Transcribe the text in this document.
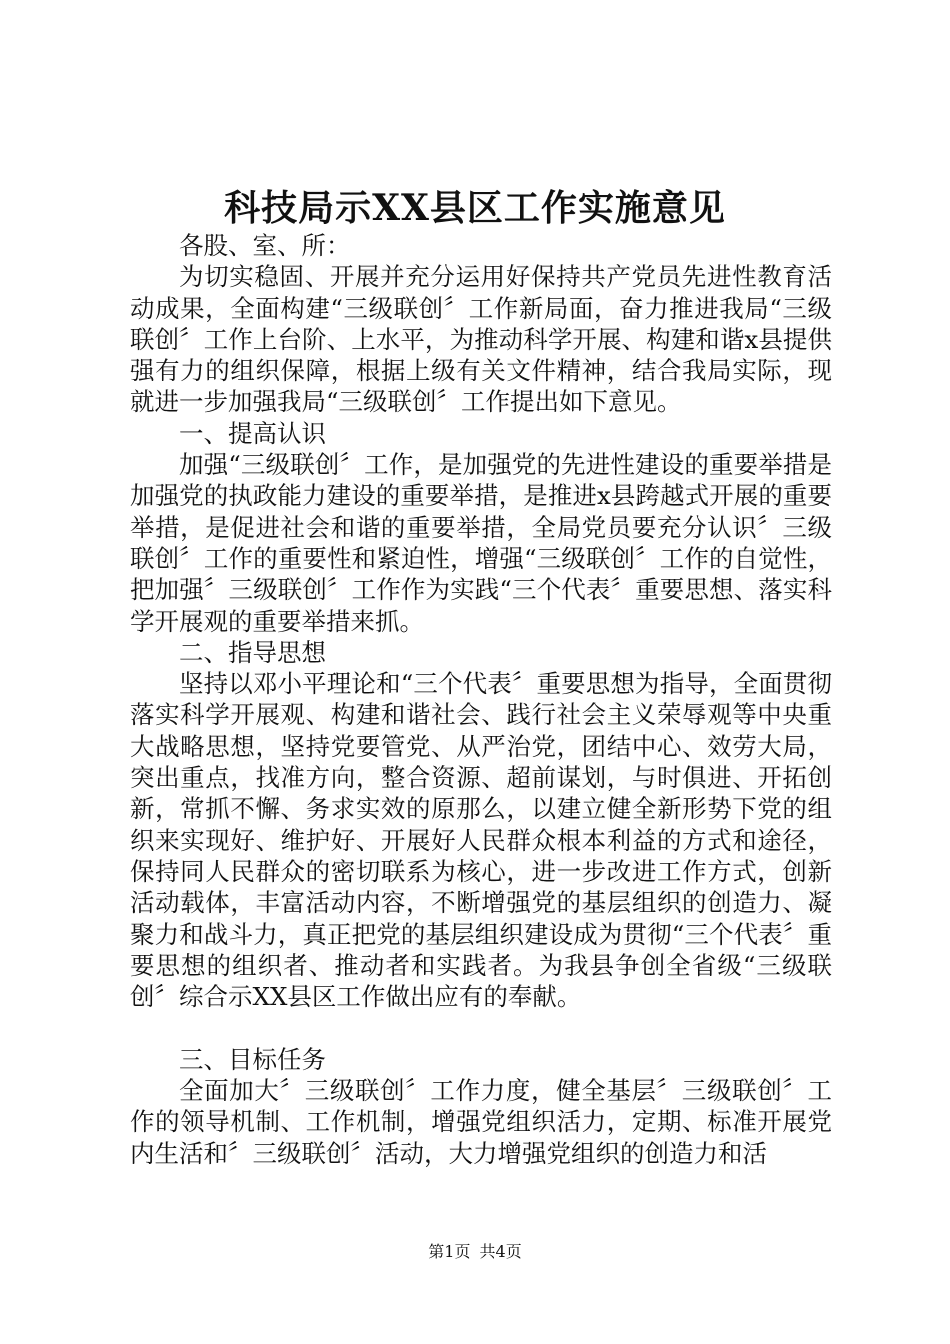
科技局示XX县区工作实施意见

各股、室、所：

为切实稳固、开展并充分运用好保持共产党员先进性教育活动成果，全面构建“三级联创〞工作新局面，奋力推进我局“三级联创〞工作上台阶、上水平，为推动科学开展、构建和谐x县提供强有力的组织保障，根据上级有关文件精神，结合我局实际，现就进一步加强我局“三级联创〞工作提出如下意见。

一、提高认识

加强“三级联创〞工作，是加强党的先进性建设的重要举措是加强党的执政能力建设的重要举措，是推进x县跨越式开展的重要举措，是促进社会和谐的重要举措，全局党员要充分认识〞三级联创〞工作的重要性和紧迫性，增强“三级联创〞工作的自觉性，把加强〞三级联创〞工作作为实践“三个代表〞重要思想、落实科学开展观的重要举措来抓。

二、指导思想

坚持以邓小平理论和“三个代表〞重要思想为指导，全面贯彻落实科学开展观、构建和谐社会、践行社会主义荣辱观等中央重大战略思想，坚持党要管党、从严治党，团结中心、效劳大局，突出重点，找准方向，整合资源、超前谋划，与时俱进、开拓创新，常抓不懈、务求实效的原那么，以建立健全新形势下党的组织来实现好、维护好、开展好人民群众根本利益的方式和途径，保持同人民群众的密切联系为核心，进一步改进工作方式，创新活动载体，丰富活动内容，不断增强党的基层组织的创造力、凝聚力和战斗力，真正把党的基层组织建设成为贯彻“三个代表〞重要思想的组织者、推动者和实践者。为我县争创全省级“三级联创〞综合示XX县区工作做出应有的奉献。

三、目标任务

全面加大〞三级联创〞工作力度，健全基层〞三级联创〞工作的领导机制、工作机制，增强党组织活力，定期、标准开展党内生活和〞三级联创〞活动，大力增强党组织的创造力和活

第1页 共4页
